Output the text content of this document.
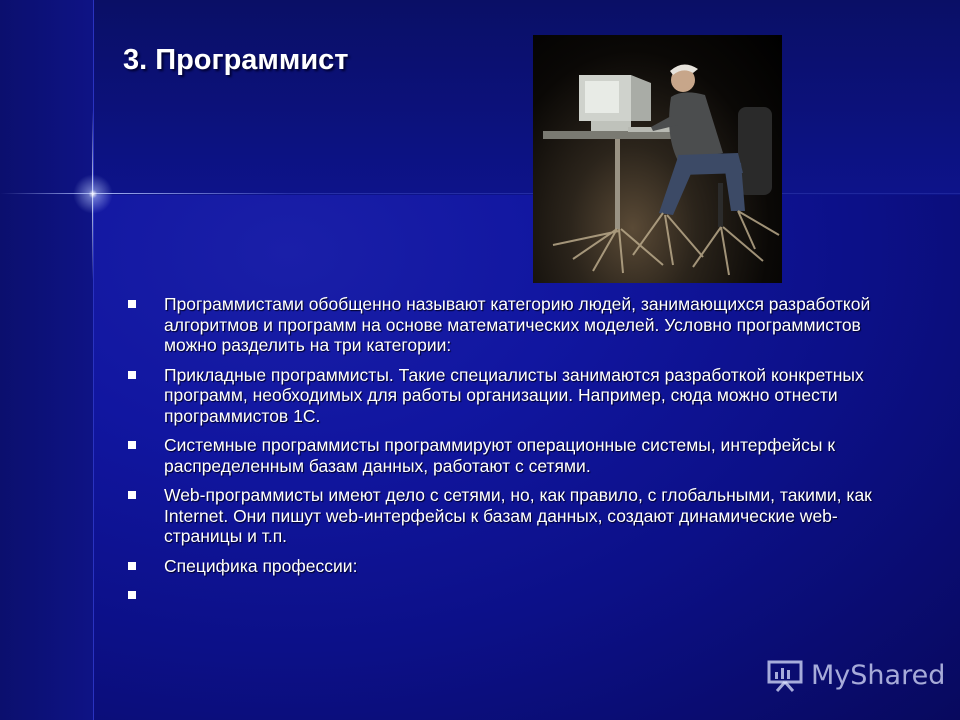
3. Программист
Программистами обобщенно называют категорию людей, занимающихся разработкой алгоритмов и программ на основе математических моделей. Условно программистов можно разделить на три категории:
Прикладные программисты. Такие специалисты занимаются разработкой конкретных программ, необходимых для работы организации. Например, сюда можно отнести программистов 1С.
Системные программисты программируют операционные системы, интерфейсы к распределенным базам данных, работают с сетями.
Web-программисты имеют дело с сетями, но, как правило, с глобальными, такими, как Internet. Они пишут web-интерфейсы к базам данных, создают динамические web-страницы и т.п.
Специфика профессии:
MyShared
